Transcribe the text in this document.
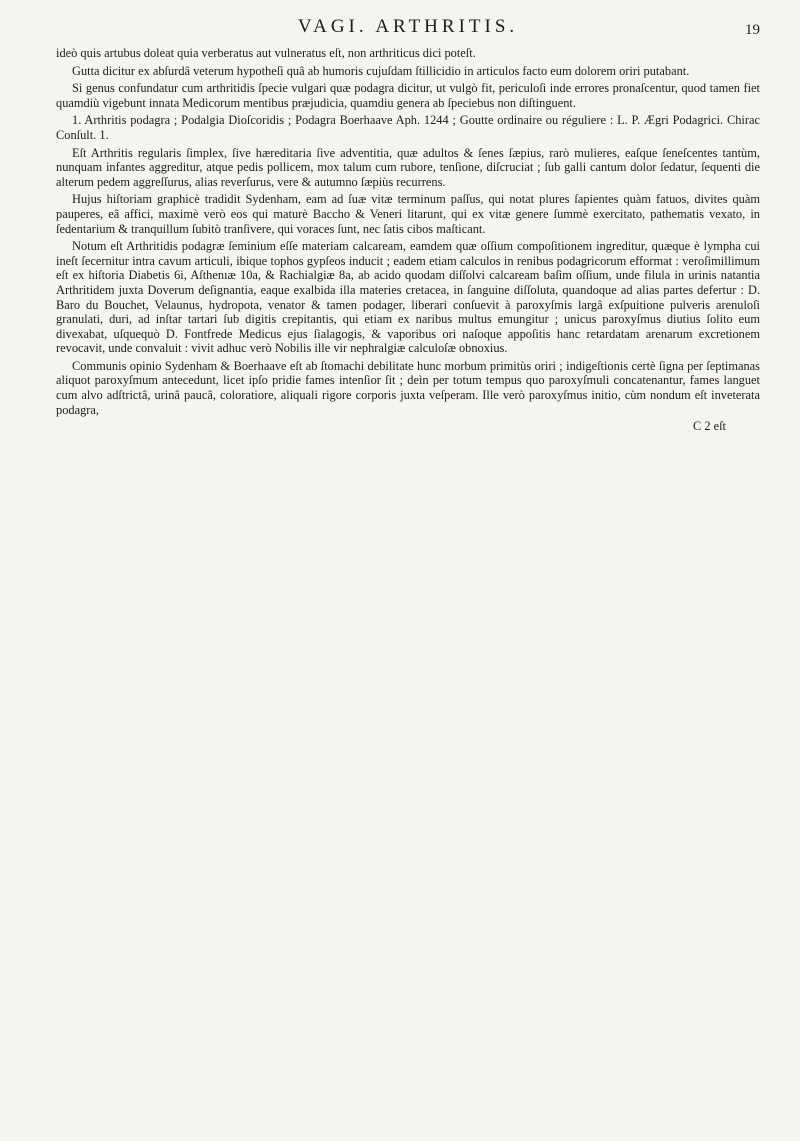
VAGI. ARTHRITIS.	19

ideò quis artubus doleat quia verberatus aut vulneratus eſt, non arthriticus dici poteſt.

Gutta dicitur ex abſurdâ veterum hypotheſi quâ ab humoris cujuſdam ſtillicidio in articulos facto eum dolorem oriri putabant.

Si genus confundatur cum arthritidis ſpecie vulgari quæ podagra dicitur, ut vulgò fit, periculoſi inde errores pronaſcentur, quod tamen fiet quamdiù vigebunt innata Medicorum mentibus præjudicia, quamdiu genera ab ſpeciebus non diſtinguent.

1. Arthritis podagra ; Podalgia Dioſcoridis ; Podagra Boerhaave Aph. 1244 ; Goutte ordinaire ou réguliere : L. P. Ægri Podagrici. Chirac Conſult. 1.

Eſt Arthritis regularis ſimplex, ſive hæreditaria ſive adventitia, quæ adultos & ſenes ſæpius, rarò mulieres, eaſque ſeneſcentes tantùm, nunquam infantes aggreditur, atque pedis pollicem, mox talum cum rubore, tenſione, diſcruciat ; ſub galli cantum dolor ſedatur, ſequenti die alterum pedem aggreſſurus, alias reverſurus, vere & autumno ſæpiùs recurrens.

Hujus hiſtoriam graphicè tradidit Sydenham, eam ad ſuæ vitæ terminum paſſus, qui notat plures ſapientes quàm fatuos, divites quàm pauperes, eâ affici, maximè verò eos qui maturè Baccho & Veneri litarunt, qui ex vitæ genere ſummè exercitato, pathematis vexato, in ſedentarium & tranquillum ſubitò tranſivere, qui voraces ſunt, nec ſatis cibos maſticant.

Notum eſt Arthritidis podagræ ſeminium eſſe materiam calcaream, eamdem quæ oſſium compoſitionem ingreditur, quæque è lympha cui ineſt ſecernitur intra cavum articuli, ibique tophos gypſeos inducit ; eadem etiam calculos in renibus podagricorum efformat : veroſimillimum eſt ex hiſtoria Diabetis 6i, Aſthenıæ 10a, & Rachialgiæ 8a, ab acido quodam diſſolvi calcaream baſim oſſium, unde filula in urinis natantia Arthritidem juxta Doverum deſignantia, eaque exalbida illa materies cretacea, in ſanguine diſſoluta, quandoque ad alias partes defertur : D. Baro du Bouchet, Velaunus, hydropota, venator & tamen podager, liberari conſuevit à paroxyſmis largâ exſpuitione pulveris arenuloſi granulati, duri, ad inſtar tartari ſub digitis crepitantis, qui etiam ex naribus multus emungitur ; unicus paroxyſmus diutius ſolito eum divexabat, uſquequò D. Fontfrede Medicus ejus ſialagogis, & vaporibus ori naſoque appoſitis hanc retardatam arenarum excretionem revocavit, unde convaluit : vivit adhuc verò Nobilis ille vir nephralgiæ calculoſæ obnoxius.

Communis opinio Sydenham & Boerhaave eſt ab ſtomachi debilitate hunc morbum primitùs oriri ; indigeſtionis certè ſigna per ſeptimanas aliquot paroxyſmum antecedunt, licet ipſo pridie fames intenſior ſit ; deìn per totum tempus quo paroxyſmuli concatenantur, fames languet cum alvo adſtrictâ, urinâ paucâ, coloratiore, aliquali rigore corporis juxta veſperam. Ille verò paroxyſmus initio, cùm nondum eſt inveterata podagra,

C 2 eſt
